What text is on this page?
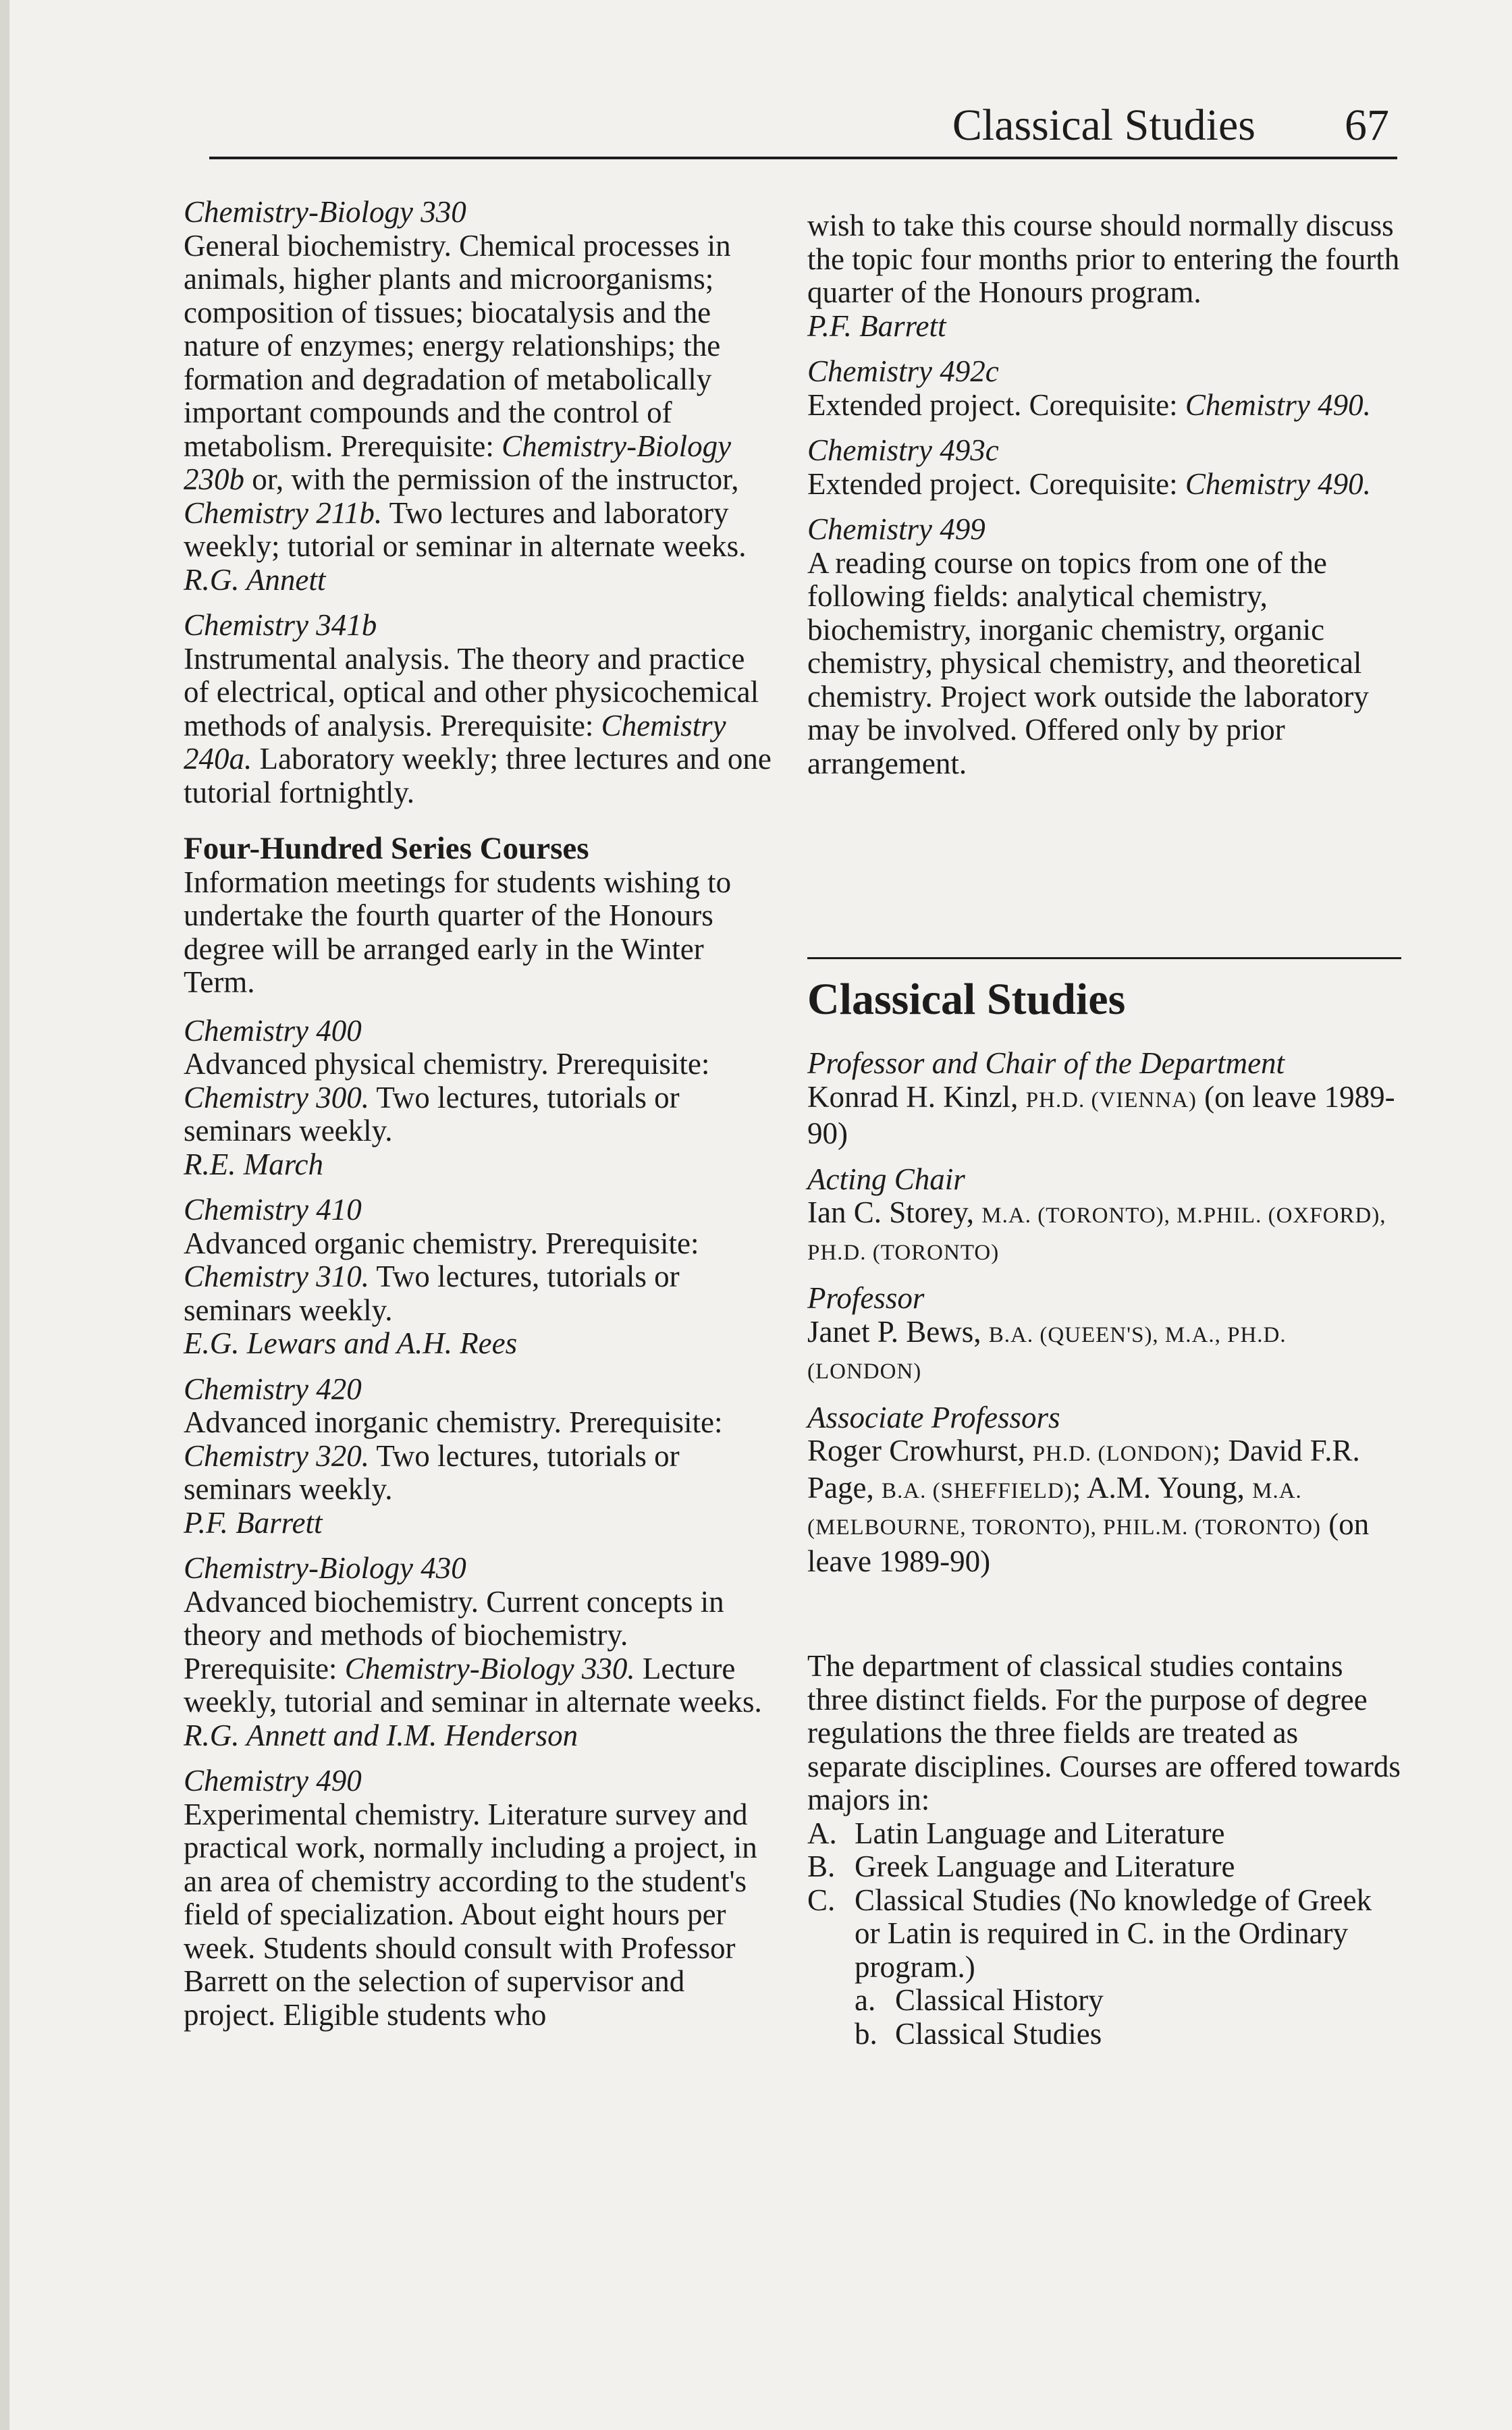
Classical Studies 67
Chemistry-Biology 330

General biochemistry. Chemical processes in animals, higher plants and microorganisms; composition of tissues; biocatalysis and the nature of enzymes; energy relationships; the formation and degradation of metabolically important compounds and the control of metabolism. Prerequisite: Chemistry-Biology 230b or, with the permission of the instructor, Chemistry 211b. Two lectures and laboratory weekly; tutorial or seminar in alternate weeks.

R.G. Annett
Chemistry 341b

Instrumental analysis. The theory and practice of electrical, optical and other physicochemical methods of analysis. Prerequisite: Chemistry 240a. Laboratory weekly; three lectures and one tutorial fortnightly.

Four-Hundred Series Courses
Information meetings for students wishing to undertake the fourth quarter of the Honours degree will be arranged early in the Winter Term.
Chemistry 400

Advanced physical chemistry. Prerequisite: Chemistry 300. Two lectures, tutorials or seminars weekly.

R.E. March
Chemistry 410

Advanced organic chemistry. Prerequisite: Chemistry 310. Two lectures, tutorials or seminars weekly.

E.G. Lewars and A.H. Rees
Chemistry 420

Advanced inorganic chemistry. Prerequisite: Chemistry 320. Two lectures, tutorials or seminars weekly.

P.F. Barrett
Chemistry-Biology 430

Advanced biochemistry. Current concepts in theory and methods of biochemistry. Prerequisite: Chemistry-Biology 330. Lecture weekly, tutorial and seminar in alternate weeks.

R.G. Annett and I.M. Henderson
Chemistry 490

Experimental chemistry. Literature survey and practical work, normally including a project, in an area of chemistry according to the student's field of specialization. About eight hours per week. Students should consult with Professor Barrett on the selection of supervisor and project. Eligible students who

wish to take this course should normally discuss the topic four months prior to entering the fourth quarter of the Honours program.

P.F. Barrett
Chemistry 492c

Extended project. Corequisite: Chemistry 490.

Chemistry 493c

Extended project. Corequisite: Chemistry 490.

Chemistry 499

A reading course on topics from one of the following fields: analytical chemistry, biochemistry, inorganic chemistry, organic chemistry, physical chemistry, and theoretical chemistry. Project work outside the laboratory may be involved. Offered only by prior arrangement.

Classical Studies
Professor and Chair of the Department
Konrad H. Kinzl, PH.D. (VIENNA) (on leave 1989-90)
Acting Chair
Ian C. Storey, M.A. (TORONTO), M.PHIL. (OXFORD), PH.D. (TORONTO)
Professor
Janet P. Bews, B.A. (QUEEN'S), M.A., PH.D. (LONDON)
Associate Professors
Roger Crowhurst, PH.D. (LONDON); David F.R. Page, B.A. (SHEFFIELD); A.M. Young, M.A. (MELBOURNE, TORONTO), PHIL.M. (TORONTO) (on leave 1989-90)
The department of classical studies contains three distinct fields. For the purpose of degree regulations the three fields are treated as separate disciplines. Courses are offered towards majors in:
A. Latin Language and Literature
B. Greek Language and Literature
C. Classical Studies (No knowledge of Greek or Latin is required in C. in the Ordinary program.)
a. Classical History
b. Classical Studies
